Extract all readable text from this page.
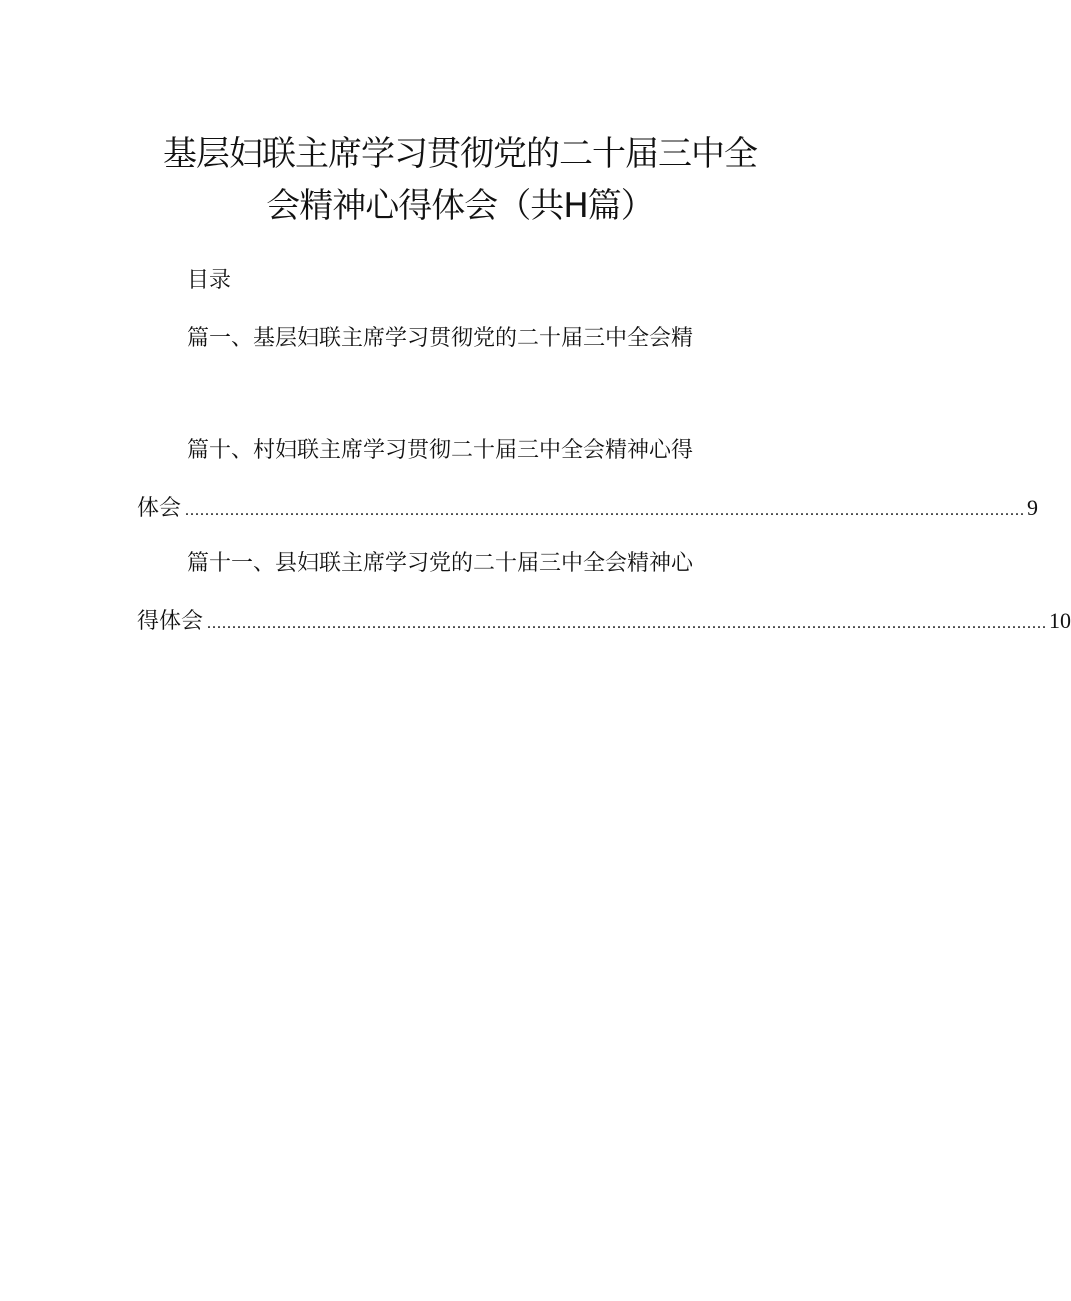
基层妇联主席学习贯彻党的二十届三中全
会精神心得体会（共H篇）
目录
篇一、基层妇联主席学习贯彻党的二十届三中全会精
篇十、村妇联主席学习贯彻二十届三中全会精神心得
体会 ........................................................................................................................................................................ 9
篇十一、县妇联主席学习党的二十届三中全会精神心
得体会 ........................................................................................................................................................................ 10
